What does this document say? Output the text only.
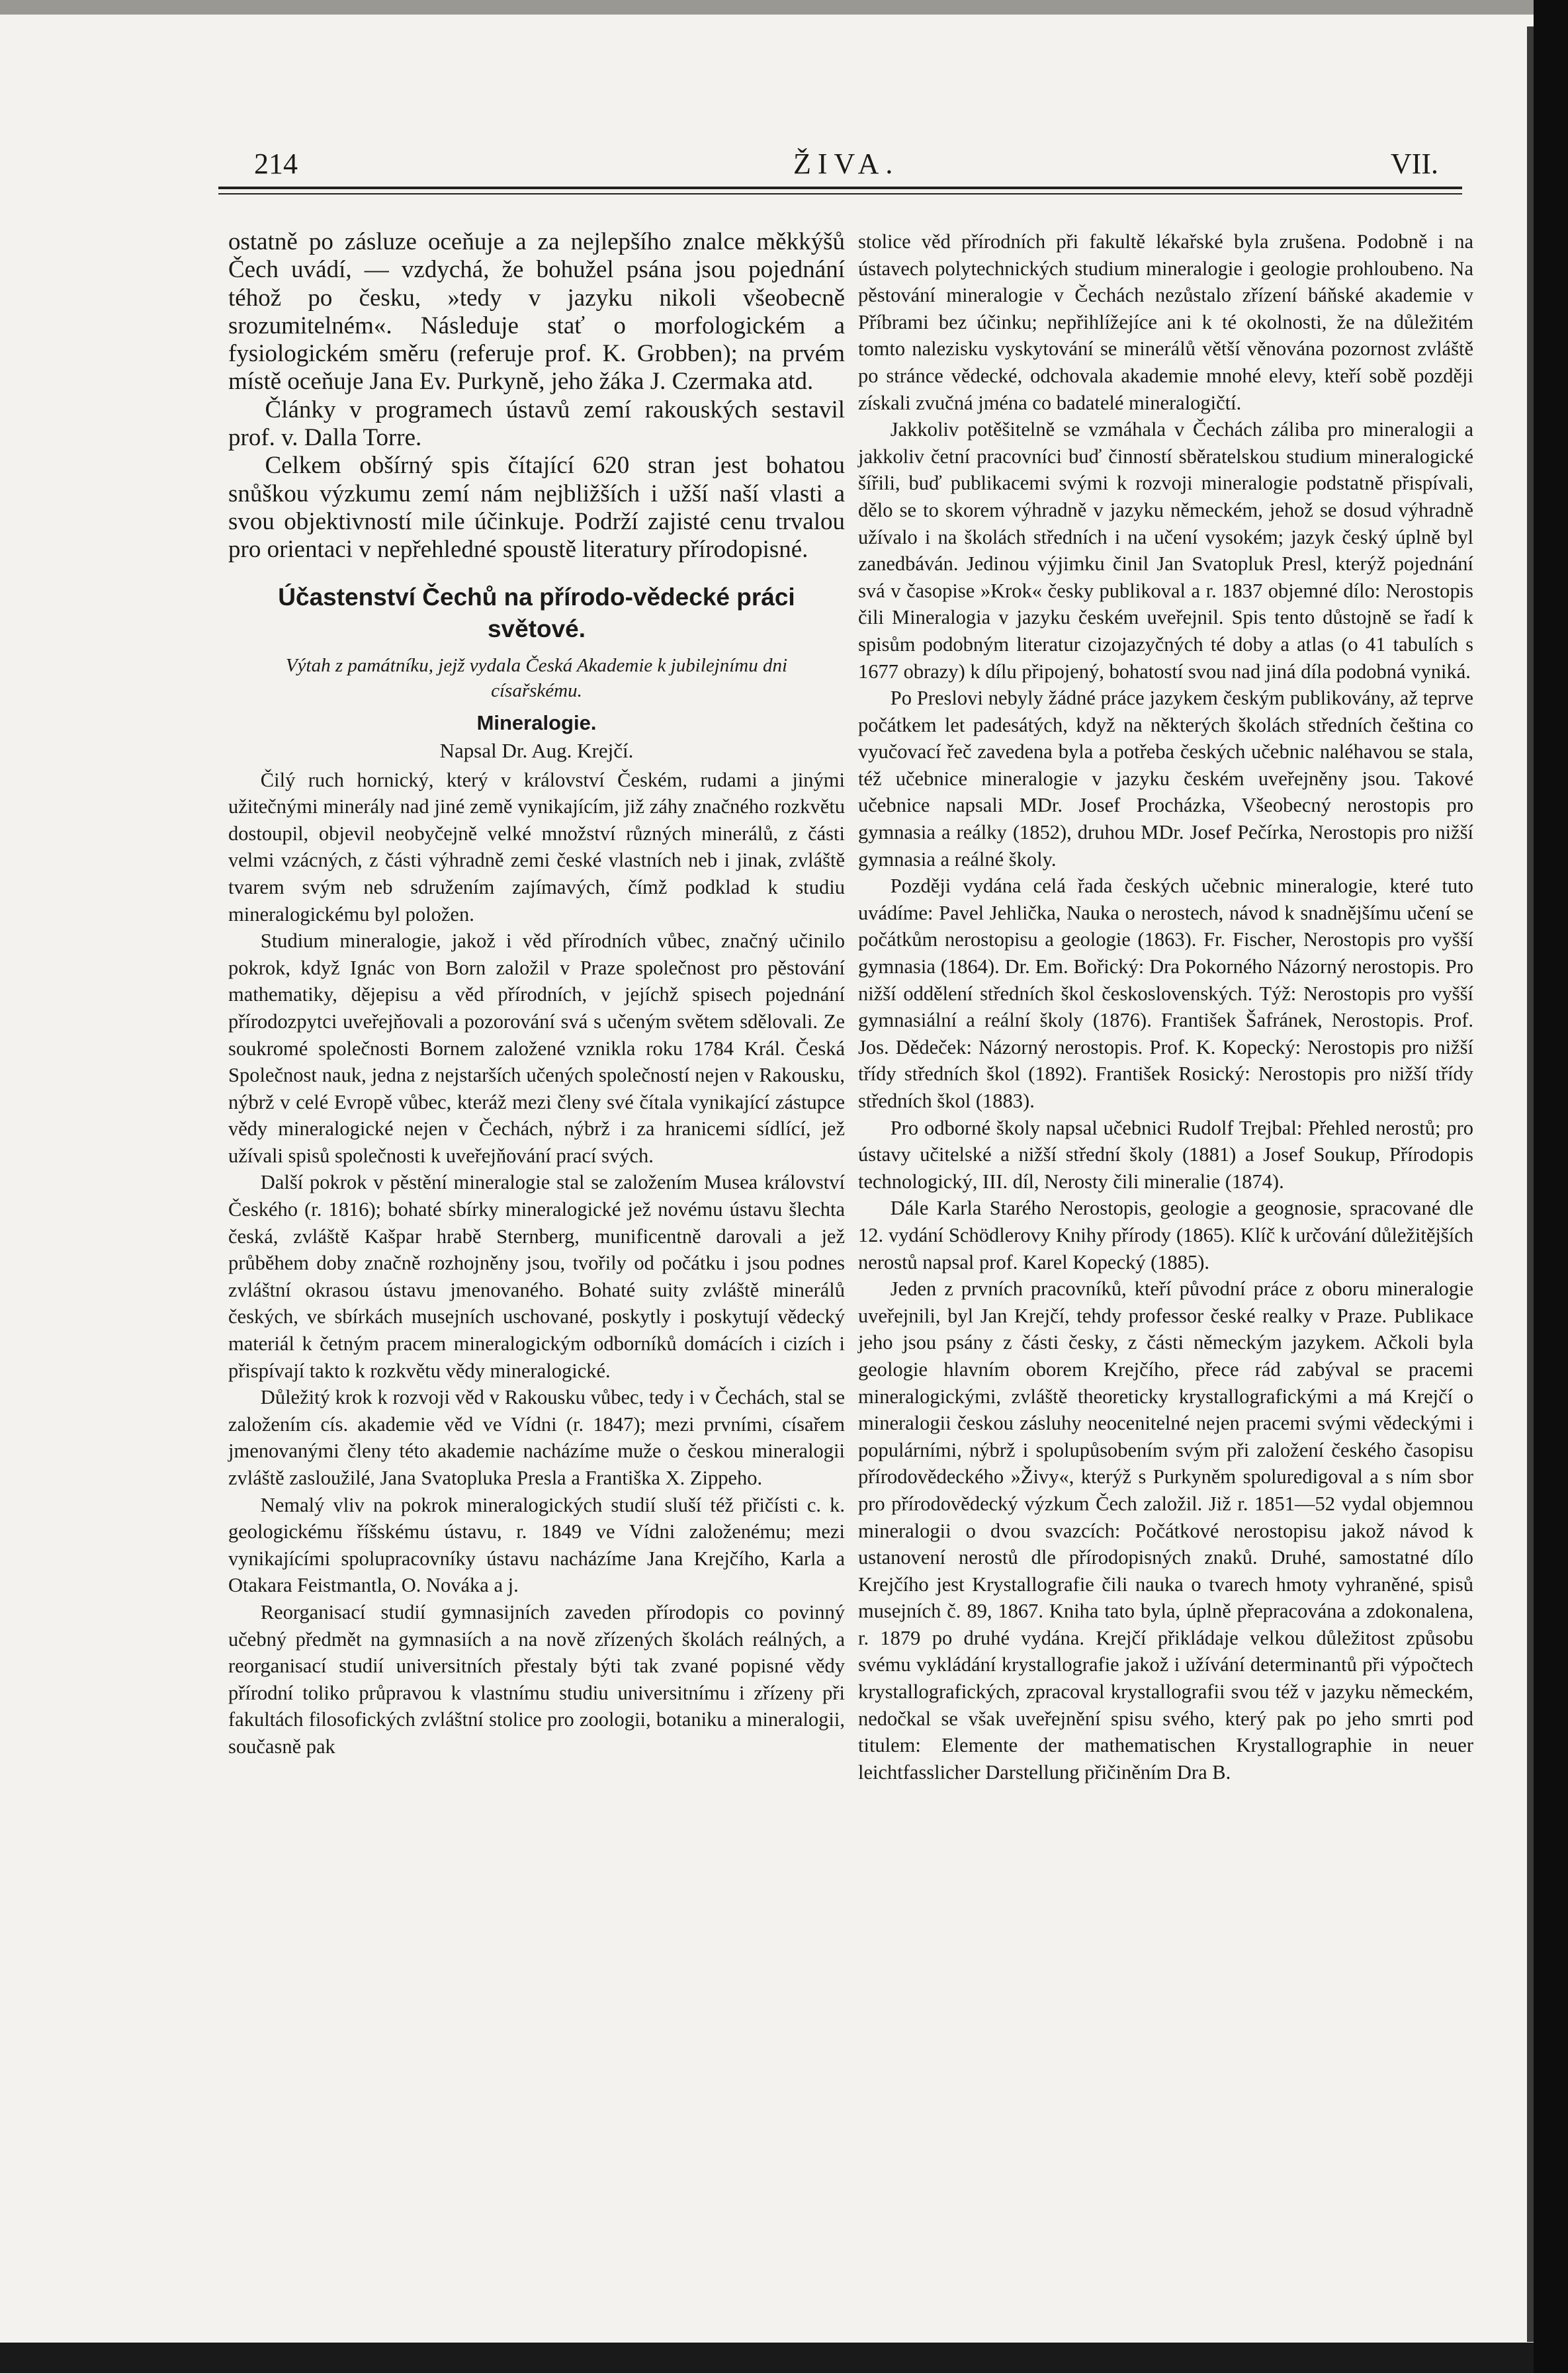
214	ŽIVA.	VII.

ostatně po zásluze oceňuje a za nejlepšího znalce měkkýšů Čech uvádí, — vzdychá, že bohužel psána jsou pojednání téhož po česku, »tedy v jazyku nikoli všeobecně srozumitelném«. Následuje stať o morfologickém a fysiologickém směru (referuje prof. K. Grobben); na prvém místě oceňuje Jana Ev. Purkyně, jeho žáka J. Czermaka atd.

Články v programech ústavů zemí rakouských sestavil prof. v. Dalla Torre.

Celkem obšírný spis čítající 620 stran jest bohatou snůškou výzkumu zemí nám nejbližších i užší naší vlasti a svou objektivností mile účinkuje. Podrží zajisté cenu trvalou pro orientaci v nepřehledné spoustě literatury přírodopisné.

Účastenství Čechů na přírodo-vědecké práci světové.
Výtah z památníku, jejž vydala Česká Akademie k jubilejnímu dni císařskému.
Mineralogie.
Napsal Dr. Aug. Krejčí.

Čilý ruch hornický, který v království Českém, rudami a jinými užitečnými minerály nad jiné země vynikajícím, již záhy značného rozkvětu dostoupil, objevil neobyčejně velké množství různých minerálů, z části velmi vzácných, z části výhradně zemi české vlastních neb i jinak, zvláště tvarem svým neb sdružením zajímavých, čímž podklad k studiu mineralogickému byl položen.

Studium mineralogie, jakož i věd přírodních vůbec, značný učinilo pokrok, když Ignác von Born založil v Praze společnost pro pěstování mathematiky, dějepisu a věd přírodních, v jejíchž spisech pojednání přírodozpytci uveřejňovali a pozorování svá s učeným světem sdělovali. Ze soukromé společnosti Bornem založené vznikla roku 1784 Král. Česká Společnost nauk, jedna z nejstarších učených společností nejen v Rakousku, nýbrž v celé Evropě vůbec, kteráž mezi členy své čítala vynikající zástupce vědy mineralogické nejen v Čechách, nýbrž i za hranicemi sídlící, jež užívali spisů společnosti k uveřejňování prací svých.

Další pokrok v pěstění mineralogie stal se založením Musea království Českého (r. 1816); bohaté sbírky mineralogické jež novému ústavu šlechta česká, zvláště Kašpar hrabě Sternberg, munificentně darovali a jež průběhem doby značně rozhojněny jsou, tvořily od počátku i jsou podnes zvláštní okrasou ústavu jmenovaného. Bohaté suity zvláště minerálů českých, ve sbírkách musejních uschované, poskytly i poskytují vědecký materiál k četným pracem mineralogickým odborníků domácích i cizích i přispívají takto k rozkvětu vědy mineralogické.

Důležitý krok k rozvoji věd v Rakousku vůbec, tedy i v Čechách, stal se založením cís. akademie věd ve Vídni (r. 1847); mezi prvními, císařem jmenovanými členy této akademie nacházíme muže o českou mineralogii zvláště zasloužilé, Jana Svatopluka Presla a Františka X. Zippeho.

Nemalý vliv na pokrok mineralogických studií sluší též přičísti c. k. geologickému říšskému ústavu, r. 1849 ve Vídni založenému; mezi vynikajícími spolupracovníky ústavu nacházíme Jana Krejčího, Karla a Otakara Feistmantla, O. Nováka a j.

Reorganisací studií gymnasijních zaveden přírodopis co povinný učebný předmět na gymnasiích a na nově zřízených školách reálných, a reorganisací studií universitních přestaly býti tak zvané popisné vědy přírodní toliko průpravou k vlastnímu studiu universitnímu i zřízeny při fakultách filosofických zvláštní stolice pro zoologii, botaniku a mineralogii, současně pak

stolice věd přírodních při fakultě lékařské byla zrušena. Podobně i na ústavech polytechnických studium mineralogie i geologie prohloubeno. Na pěstování mineralogie v Čechách nezůstalo zřízení báňské akademie v Příbrami bez účinku; nepřihlížejíce ani k té okolnosti, že na důležitém tomto nalezisku vyskytování se minerálů větší věnována pozornost zvláště po stránce vědecké, odchovala akademie mnohé elevy, kteří sobě později získali zvučná jména co badatelé mineralogičtí.

Jakkoliv potěšitelně se vzmáhala v Čechách záliba pro mineralogii a jakkoliv četní pracovníci buď činností sběratelskou studium mineralogické šířili, buď publikacemi svými k rozvoji mineralogie podstatně přispívali, dělo se to skorem výhradně v jazyku německém, jehož se dosud výhradně užívalo i na školách středních i na učení vysokém; jazyk český úplně byl zanedbáván. Jedinou výjimku činil Jan Svatopluk Presl, kterýž pojednání svá v časopise »Krok« česky publikoval a r. 1837 objemné dílo: Nerostopis čili Mineralogia v jazyku českém uveřejnil. Spis tento důstojně se řadí k spisům podobným literatur cizojazyčných té doby a atlas (o 41 tabulích s 1677 obrazy) k dílu připojený, bohatostí svou nad jiná díla podobná vyniká.

Po Preslovi nebyly žádné práce jazykem českým publikovány, až teprve počátkem let padesátých, když na některých školách středních čeština co vyučovací řeč zavedena byla a potřeba českých učebnic naléhavou se stala, též učebnice mineralogie v jazyku českém uveřejněny jsou. Takové učebnice napsali MDr. Josef Procházka, Všeobecný nerostopis pro gymnasia a reálky (1852), druhou MDr. Josef Pečírka, Nerostopis pro nižší gymnasia a reálné školy.

Později vydána celá řada českých učebnic mineralogie, které tuto uvádíme: Pavel Jehlička, Nauka o nerostech, návod k snadnějšímu učení se počátkům nerostopisu a geologie (1863). Fr. Fischer, Nerostopis pro vyšší gymnasia (1864). Dr. Em. Bořický: Dra Pokorného Názorný nerostopis. Pro nižší oddělení středních škol československých. Týž: Nerostopis pro vyšší gymnasiální a reální školy (1876). František Šafránek, Nerostopis. Prof. Jos. Dědeček: Názorný nerostopis. Prof. K. Kopecký: Nerostopis pro nižší třídy středních škol (1892). František Rosický: Nerostopis pro nižší třídy středních škol (1883).

Pro odborné školy napsal učebnici Rudolf Trejbal: Přehled nerostů; pro ústavy učitelské a nižší střední školy (1881) a Josef Soukup, Přírodopis technologický, III. díl, Nerosty čili mineralie (1874).

Dále Karla Starého Nerostopis, geologie a geognosie, spracované dle 12. vydání Schödlerovy Knihy přírody (1865). Klíč k určování důležitějších nerostů napsal prof. Karel Kopecký (1885).

Jeden z prvních pracovníků, kteří původní práce z oboru mineralogie uveřejnili, byl Jan Krejčí, tehdy professor české realky v Praze. Publikace jeho jsou psány z části česky, z části německým jazykem. Ačkoli byla geologie hlavním oborem Krejčího, přece rád zabýval se pracemi mineralogickými, zvláště theoreticky krystallografickými a má Krejčí o mineralogii českou zásluhy neocenitelné nejen pracemi svými vědeckými i populárními, nýbrž i spolupůsobením svým při založení českého časopisu přírodovědeckého »Živy«, kterýž s Purkyněm spoluredigoval a s ním sbor pro přírodovědecký výzkum Čech založil. Již r. 1851—52 vydal objemnou mineralogii o dvou svazcích: Počátkové nerostopisu jakož návod k ustanovení nerostů dle přírodopisných znaků. Druhé, samostatné dílo Krejčího jest Krystallografie čili nauka o tvarech hmoty vyhraněné, spisů musejních č. 89, 1867. Kniha tato byla, úplně přepracována a zdokonalena, r. 1879 po druhé vydána. Krejčí přikládaje velkou důležitost způsobu svému vykládání krystallografie jakož i užívání determinantů při výpočtech krystallografických, zpracoval krystallografii svou též v jazyku německém, nedočkal se však uveřejnění spisu svého, který pak po jeho smrti pod titulem: Elemente der mathematischen Krystallographie in neuer leichtfasslicher Darstellung přičiněním Dra B.
